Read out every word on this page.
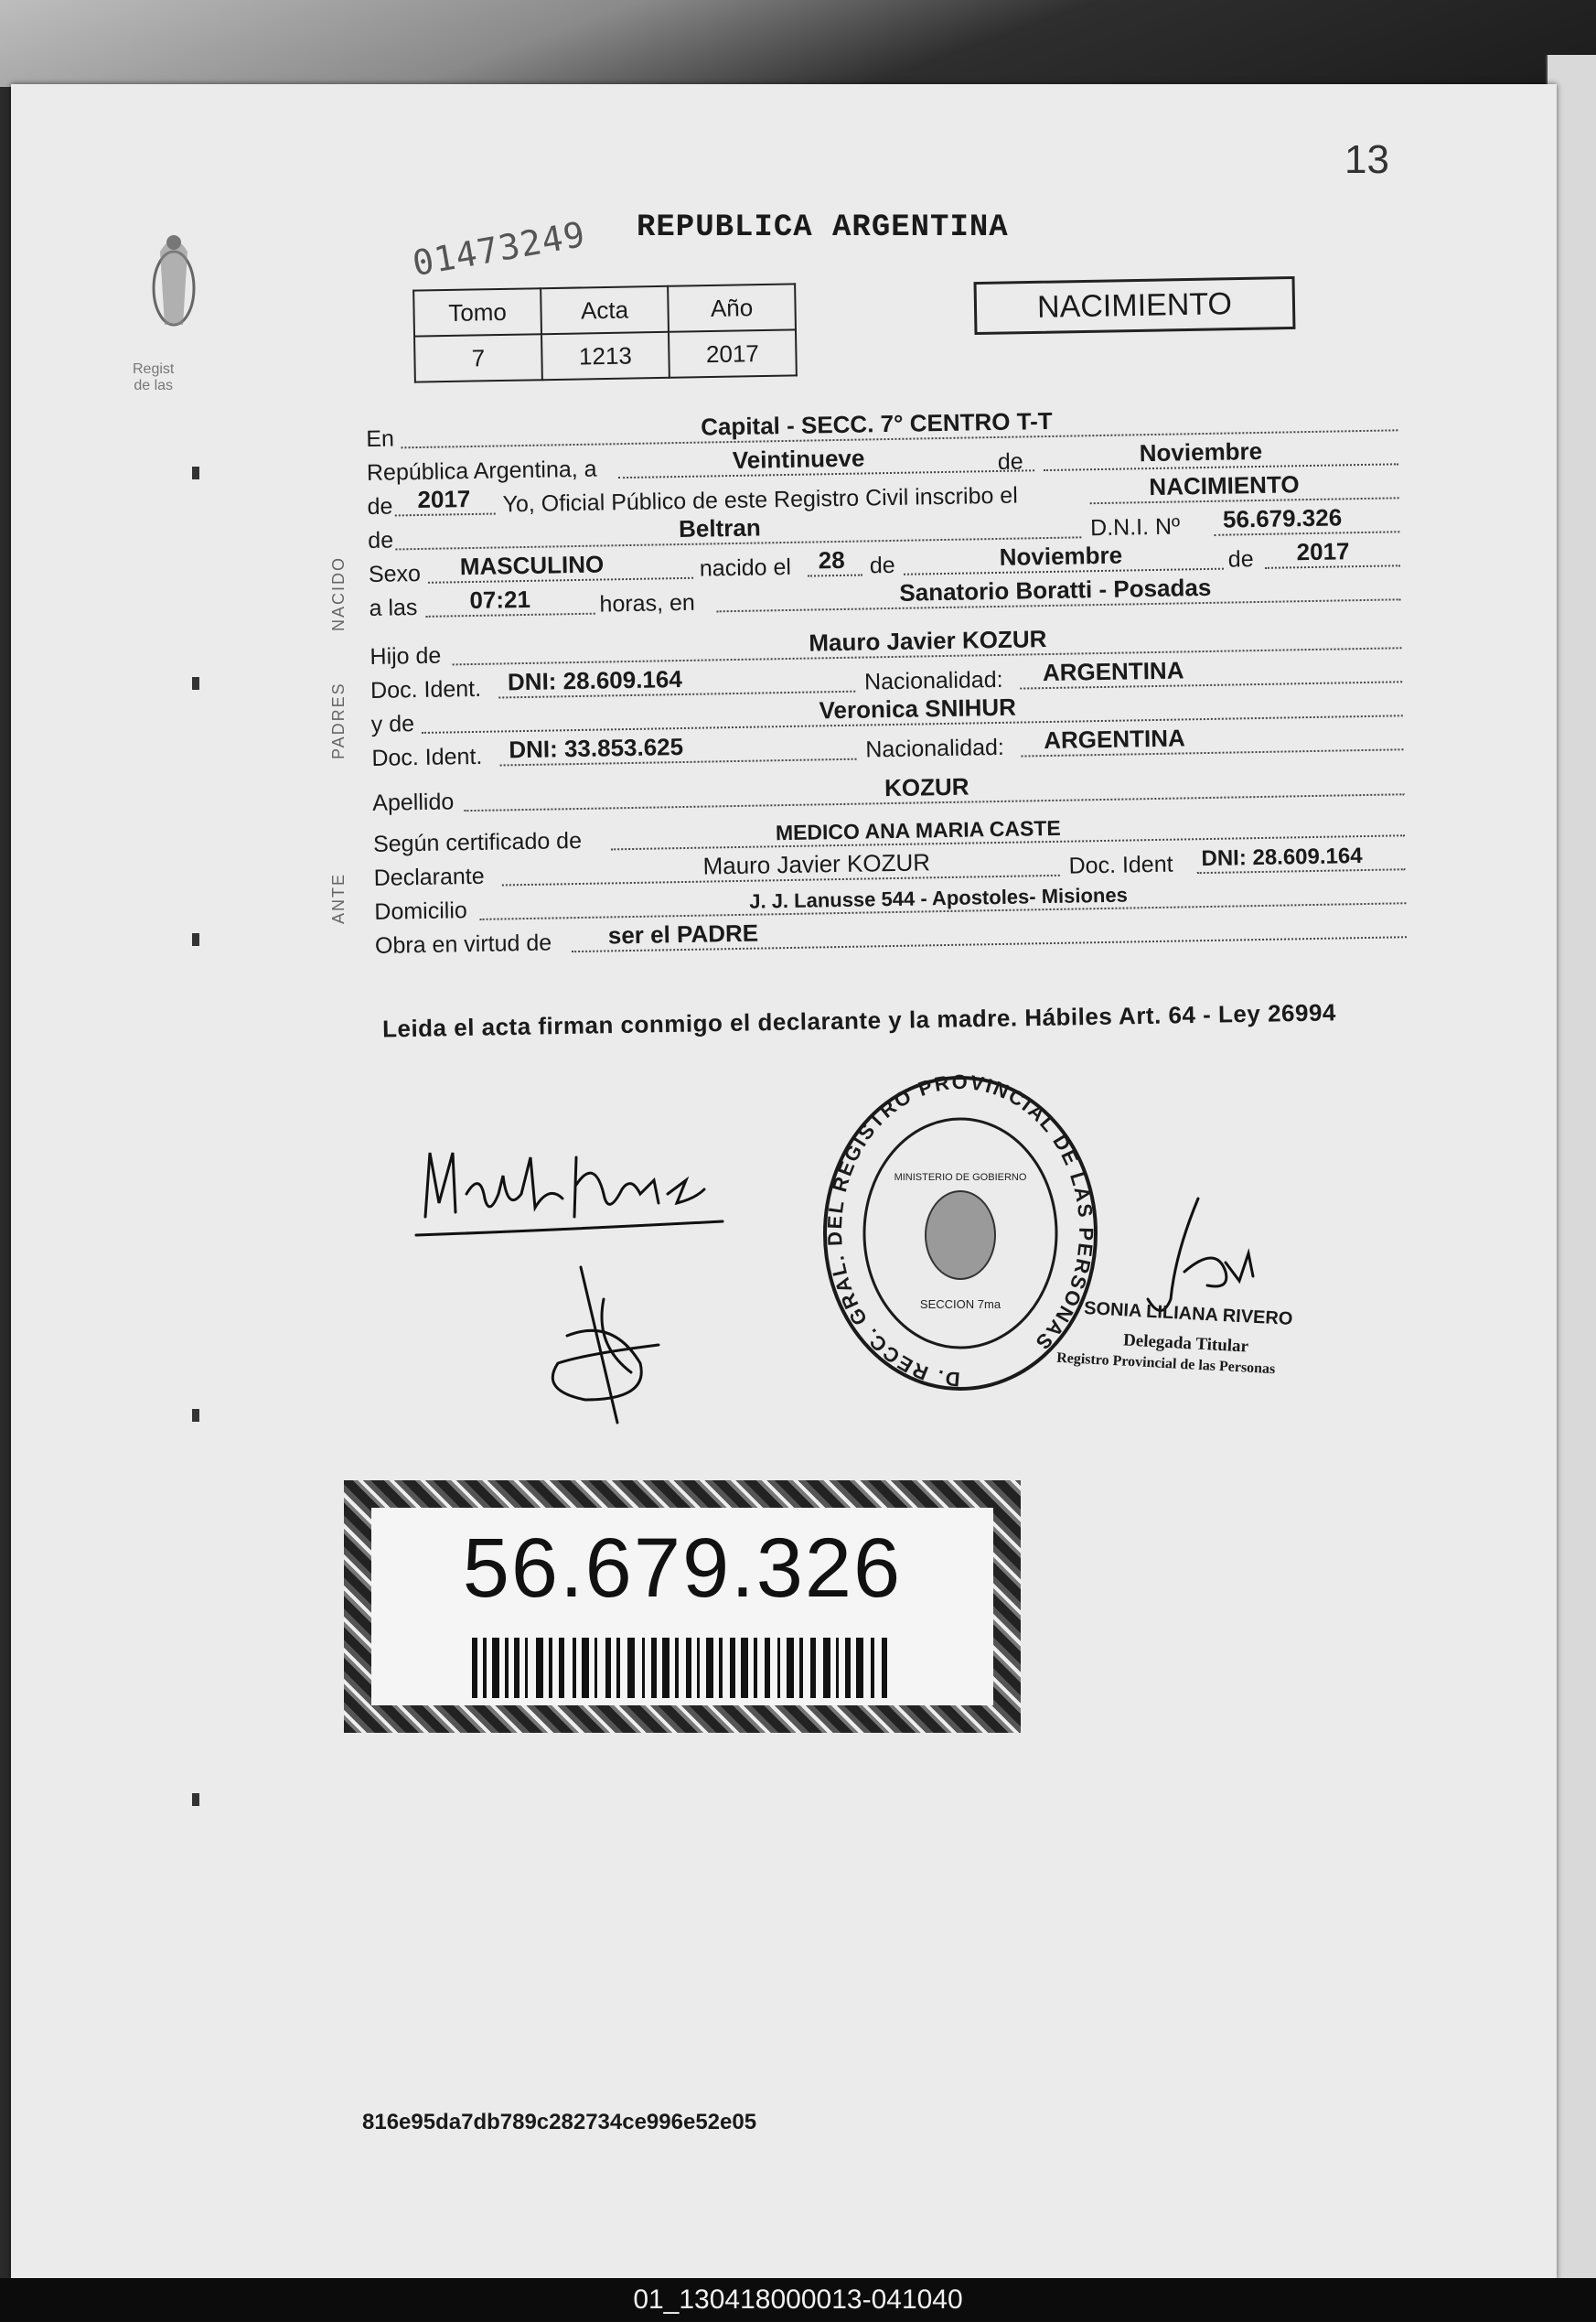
13
01473249 REPUBLICA ARGENTINA
Regist
de las
Tomo	Acta	Año
7	1213	2017
NACIMIENTO
NACIDO
PADRES
ANTE
En	Capital - SECC. 7° CENTRO T-T
República Argentina, a	Veintinueve	de	Noviembre
de 2017 Yo, Oficial Público de este Registro Civil inscribo el	NACIMIENTO
de	Beltran	D.N.I. Nº 56.679.326
Sexo MASCULINO	nacido el 28 de	Noviembre	de 2017
a las 07:21	horas, en	Sanatorio Boratti - Posadas
Hijo de	Mauro Javier KOZUR
Doc. Ident. DNI: 28.609.164	Nacionalidad: ARGENTINA
y de
Veronica SNIHUR
Doc. Ident. DNI: 33.853.625	Nacionalidad: ARGENTINA
Apellido
KOZUR
Según certificado de	MEDICO ANA MARIA CASTE
Declarante	Mauro Javier KOZUR	Doc. Ident DNI: 28.609.164
Domicilio	J. J. Lanusse 544 - Apostoles- Misiones
Obra en virtud de ser el PADRE
Leida el acta firman conmigo el declarante y la madre. Hábiles Art. 64 - Ley 26994
D. RECC. GRAL. DEL REGISTRO PROVINCIAL DE LAS PERSONAS
MINISTERIO DE GOBIERNO
SECCION 7ma	SONIA LILIANA RIVERO
Delegada Titular
Registro Provincial de las Personas
56.679.326
816e95da7db789c282734ce996e52e05
01_130418000013-041040
